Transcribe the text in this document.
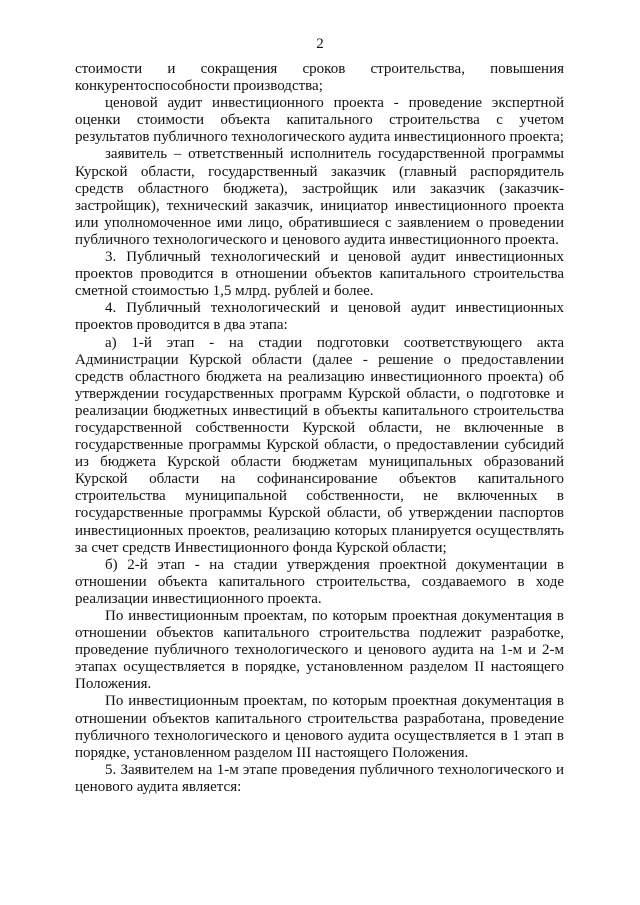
2

стоимости и сокращения сроков строительства, повышения конкурентоспособности производства;

ценовой аудит инвестиционного проекта - проведение экспертной оценки стоимости объекта капитального строительства с учетом результатов публичного технологического аудита инвестиционного проекта;

заявитель – ответственный исполнитель государственной программы Курской области, государственный заказчик (главный распорядитель средств областного бюджета), застройщик или заказчик (заказчик-застройщик), технический заказчик, инициатор инвестиционного проекта или уполномоченное ими лицо, обратившиеся с заявлением о проведении публичного технологического и ценового аудита инвестиционного проекта.

3. Публичный технологический и ценовой аудит инвестиционных проектов проводится в отношении объектов капитального строительства сметной стоимостью 1,5 млрд. рублей и более.

4. Публичный технологический и ценовой аудит инвестиционных проектов проводится в два этапа:

а) 1-й этап - на стадии подготовки соответствующего акта Администрации Курской области (далее - решение о предоставлении средств областного бюджета на реализацию инвестиционного проекта) об утверждении государственных программ Курской области, о подготовке и реализации бюджетных инвестиций в объекты капитального строительства государственной собственности Курской области, не включенные в государственные программы Курской области, о предоставлении субсидий из бюджета Курской области бюджетам муниципальных образований Курской области на софинансирование объектов капитального строительства муниципальной собственности, не включенных в государственные программы Курской области, об утверждении паспортов инвестиционных проектов, реализацию которых планируется осуществлять за счет средств Инвестиционного фонда Курской области;

б) 2-й этап - на стадии утверждения проектной документации в отношении объекта капитального строительства, создаваемого в ходе реализации инвестиционного проекта.

По инвестиционным проектам, по которым проектная документация в отношении объектов капитального строительства подлежит разработке, проведение публичного технологического и ценового аудита на 1-м и 2-м этапах осуществляется в порядке, установленном разделом II настоящего Положения.

По инвестиционным проектам, по которым проектная документация в отношении объектов капитального строительства разработана, проведение публичного технологического и ценового аудита осуществляется в 1 этап в порядке, установленном разделом III настоящего Положения.

5. Заявителем на 1-м этапе проведения публичного технологического и ценового аудита является:
